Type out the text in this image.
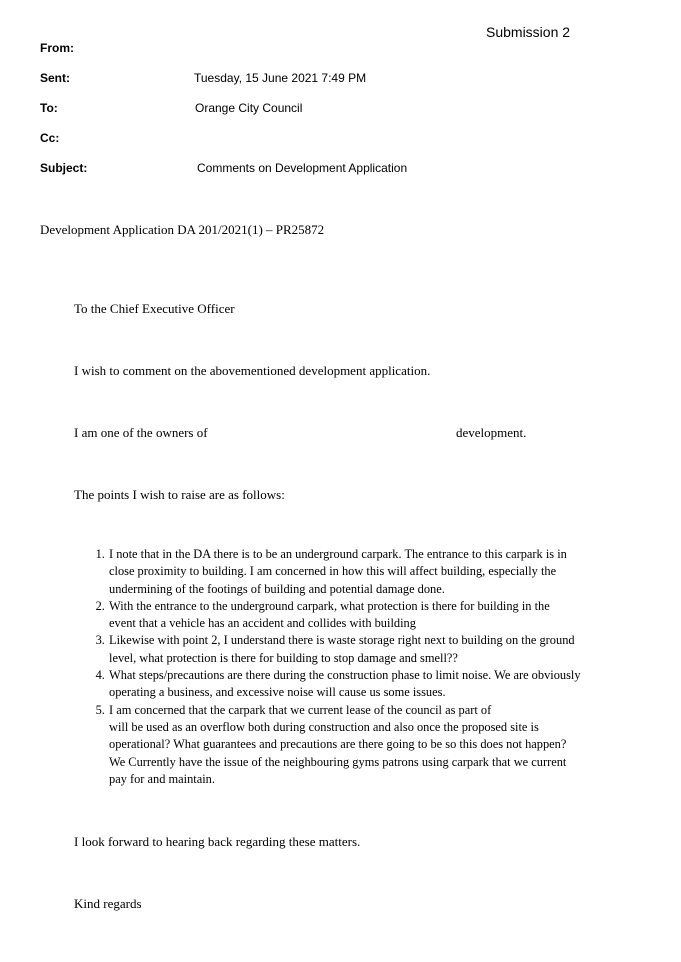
Submission 2
From:
Sent:	Tuesday, 15 June 2021 7:49 PM
To:	Orange City Council
Cc:
Subject:	Comments on Development Application
Development Application DA 201/2021(1) – PR25872
To the Chief Executive Officer
I wish to comment on the abovementioned development application.
I am one of the owners of	development.
The points I wish to raise are as follows:
1. I note that in the DA there is to be an underground carpark. The entrance to this carpark is in
close proximity to building. I am concerned in how this will affect building, especially the
undermining of the footings of building and potential damage done.
2. With the entrance to the underground carpark, what protection is there for building in the
event that a vehicle has an accident and collides with building
3. Likewise with point 2, I understand there is waste storage right next to building on the ground
level, what protection is there for building to stop damage and smell??
4. What steps/precautions are there during the construction phase to limit noise. We are obviously
operating a business, and excessive noise will cause us some issues.
5. I am concerned that the carpark that we current lease of the council as part of
will be used as an overflow both during construction and also once the proposed site is
operational? What guarantees and precautions are there going to be so this does not happen?
We Currently have the issue of the neighbouring gyms patrons using carpark that we current
pay for and maintain.
I look forward to hearing back regarding these matters.
Kind regards
